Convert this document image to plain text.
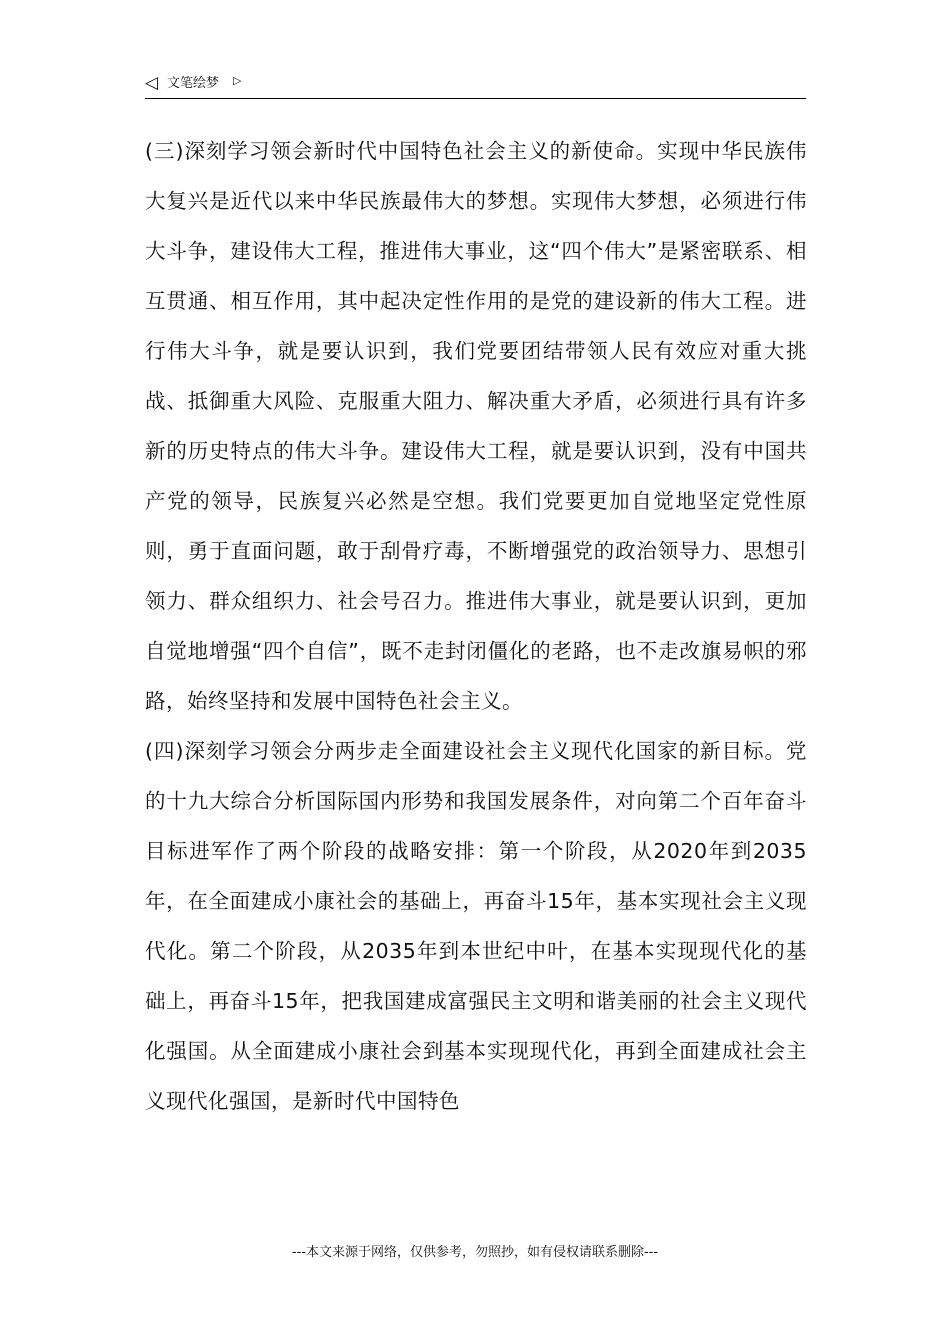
◁ 文笔绘梦 ▷

(三)深刻学习领会新时代中国特色社会主义的新使命。实现中华民族伟大复兴是近代以来中华民族最伟大的梦想。实现伟大梦想，必须进行伟大斗争，建设伟大工程，推进伟大事业，这“四个伟大”是紧密联系、相互贯通、相互作用，其中起决定性作用的是党的建设新的伟大工程。进行伟大斗争，就是要认识到，我们党要团结带领人民有效应对重大挑战、抵御重大风险、克服重大阻力、解决重大矛盾，必须进行具有许多新的历史特点的伟大斗争。建设伟大工程，就是要认识到，没有中国共产党的领导，民族复兴必然是空想。我们党要更加自觉地坚定党性原则，勇于直面问题，敢于刮骨疗毒，不断增强党的政治领导力、思想引领力、群众组织力、社会号召力。推进伟大事业，就是要认识到，更加自觉地增强“四个自信”，既不走封闭僵化的老路，也不走改旗易帜的邪路，始终坚持和发展中国特色社会主义。

(四)深刻学习领会分两步走全面建设社会主义现代化国家的新目标。党的十九大综合分析国际国内形势和我国发展条件，对向第二个百年奋斗目标进军作了两个阶段的战略安排：第一个阶段，从2020年到2035年，在全面建成小康社会的基础上，再奋斗15年，基本实现社会主义现代化。第二个阶段，从2035年到本世纪中叶，在基本实现现代化的基础上，再奋斗15年，把我国建成富强民主文明和谐美丽的社会主义现代化强国。从全面建成小康社会到基本实现现代化，再到全面建成社会主义现代化强国，是新时代中国特色

---本文来源于网络，仅供参考，勿照抄，如有侵权请联系删除---
